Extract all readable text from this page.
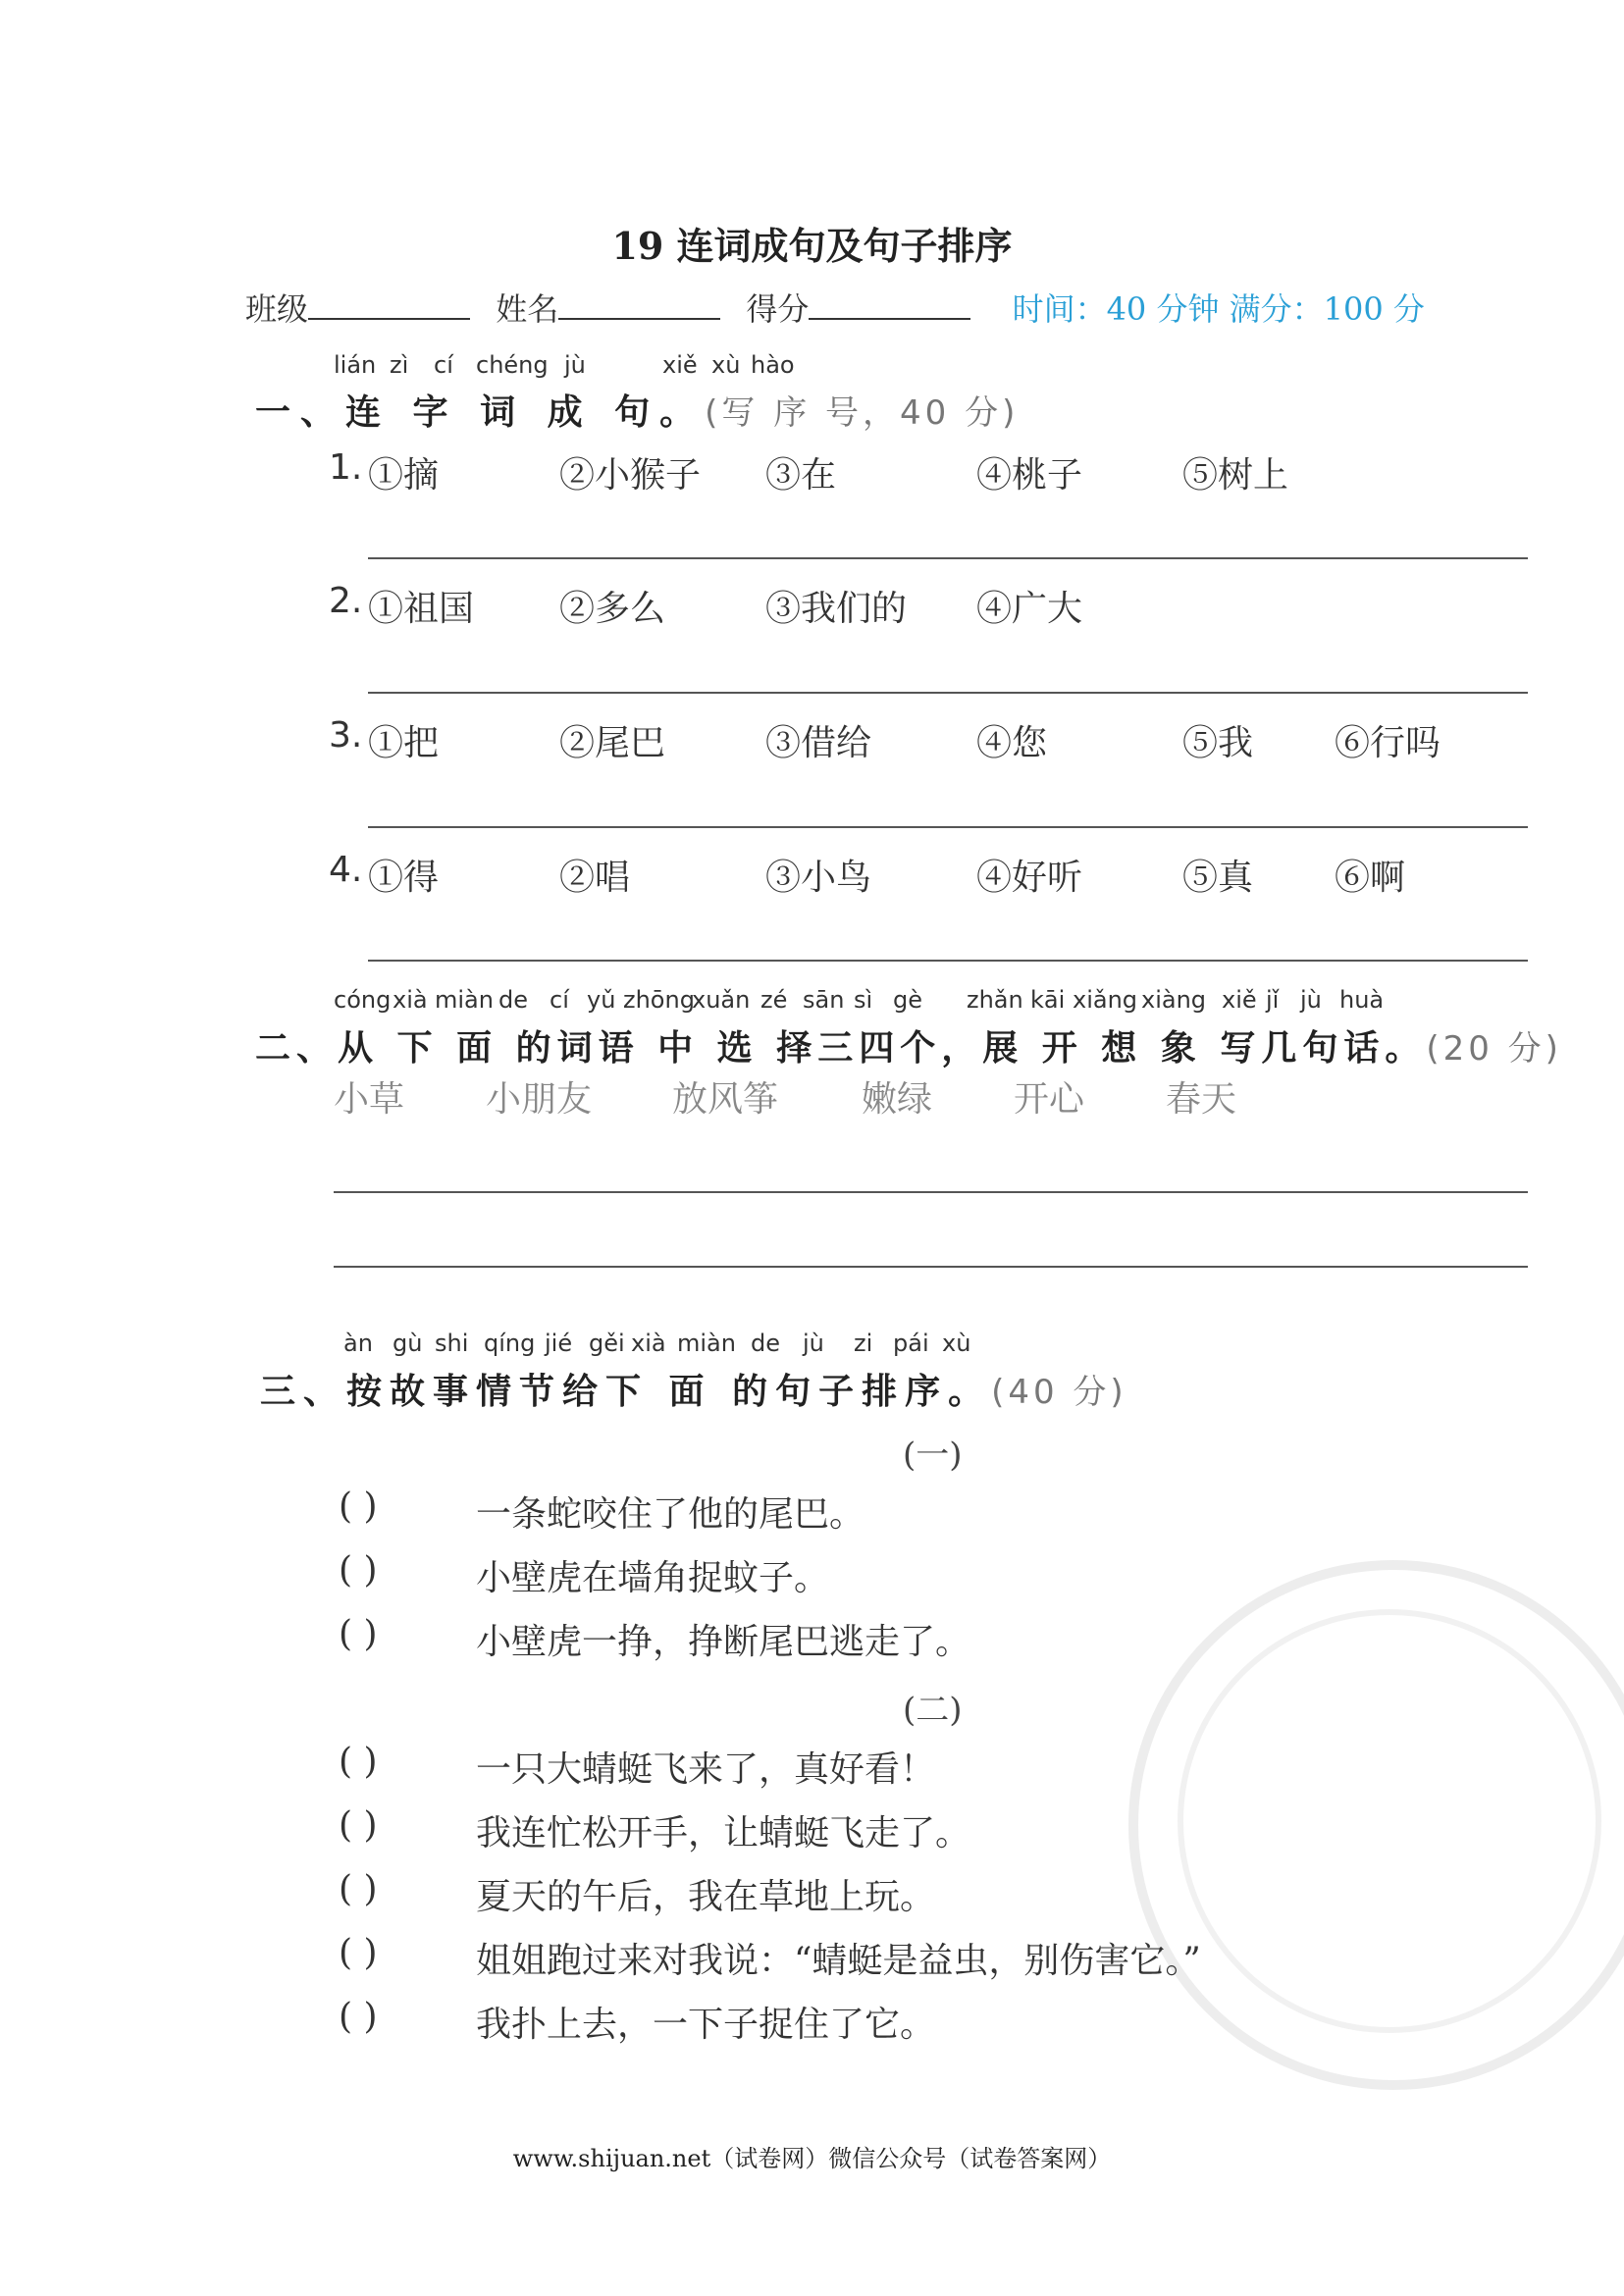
19 连词成句及句子排序
班级	姓名	得分	时间：40 分钟 满分：100 分
lián zì cí chéng jù	xiě xù hào
一、连 字 词 成 句。(写 序 号，40 分)
1. ①摘	②小猴子 ③在	④桃子	⑤树上
2. ①祖国 ②多么	③我们的 ④广大
3. ①把	②尾巴	③借给	④您	⑤我 ⑥行吗
4. ①得	②唱	③小鸟	④好听	⑤真 ⑥啊
cóng xià miàn de cí yǔ zhōng
xuǎn zé sān sì gè zhǎn kāi xiǎng xiàng xiě jǐ jù huà
二、从 下 面 的词语 中 选 择三四个，展 开 想 象 写几句话。(20 分)
小草 小朋友 放风筝 嫩绿 开心 春天
àn gù shi qíng jié gěi xià miàn de jù zi pái xù
三、按故事情节给下 面 的句子排序。(40 分)
(一)
( )	一条蛇咬住了他的尾巴。
( )	小壁虎在墙角捉蚊子。
( )	小壁虎一挣，挣断尾巴逃走了。
(二)
( )	一只大蜻蜓飞来了，真好看！
( )	我连忙松开手，让蜻蜓飞走了。
( )	夏天的午后，我在草地上玩。
( )	姐姐跑过来对我说：“蜻蜓是益虫，别伤害它。”
( )	我扑上去，一下子捉住了它。
www.shijuan.net（试卷网）微信公众号（试卷答案网）
